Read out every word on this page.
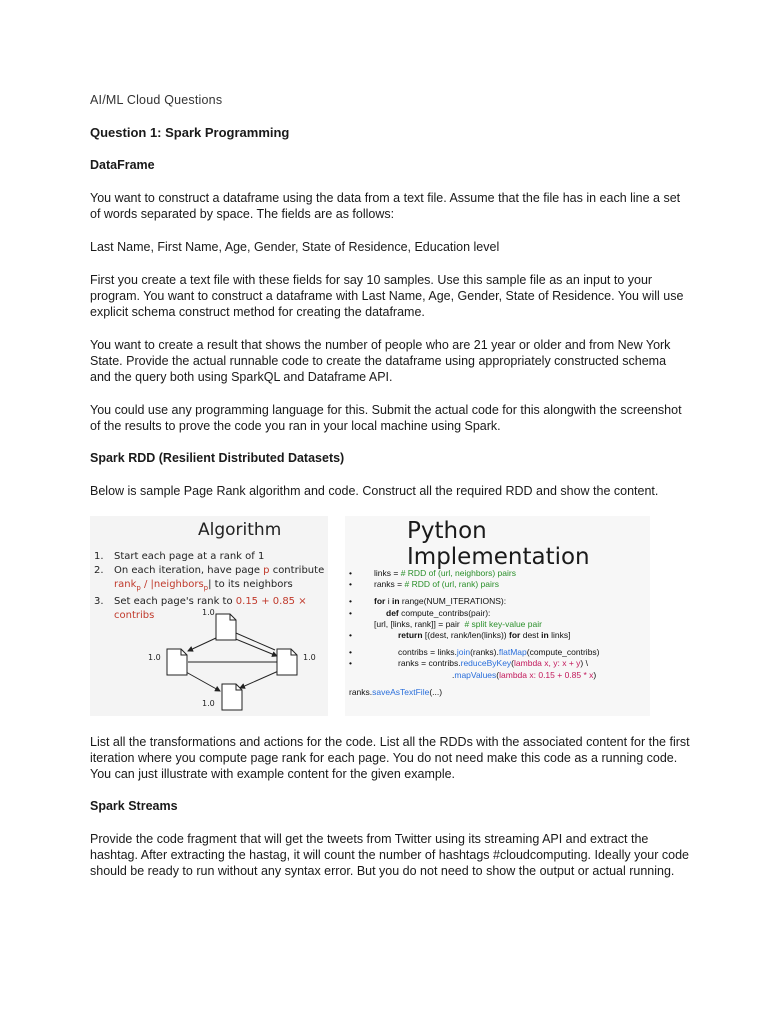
AI/ML Cloud Questions
Question 1: Spark Programming
DataFrame

You want to construct a dataframe using the data from a text file. Assume that the file has in each line a set of words separated by space. The fields are as follows:

Last Name, First Name, Age, Gender, State of Residence, Education level

First you create a text file with these fields for say 10 samples. Use this sample file as an input to your program. You want to construct a dataframe with Last Name, Age, Gender, State of Residence. You will use explicit schema construct method for creating the dataframe.

You want to create a result that shows the number of people who are 21 year or older and from New York State. Provide the actual runnable code to create the dataframe using appropriately constructed schema and the query both using SparkQL and Dataframe API.

You could use any programming language for this. Submit the actual code for this alongwith the screenshot of the results to prove the code you ran in your local machine using Spark.

Spark RDD (Resilient Distributed Datasets)

Below is sample Page Rank algorithm and code. Construct all the required RDD and show the content.

Algorithm
1.	Start each page at a rank of 1
2.	On each iteration, have page p contribute
rank$_p$ / |neighbors$_p$| to its neighbors
3.	Set each page's rank to 0.15 + 0.85 × contribs	1.0
1.0	1.0
1.0
Python Implementation
•	links = # RDD of (url, neighbors) pairs
•	ranks = # RDD of (url, rank) pairs
•	for i in range(NUM_ITERATIONS):
•	def compute_contribs(pair):
[url, [links, rank]] = pair  # split key-value pair
•	return [(dest, rank/len(links)) for dest in links]
•	contribs = links.join(ranks).flatMap(compute_contribs)
•	ranks = contribs.reduceByKey(lambda x, y: x + y) \
.mapValues(lambda x: 0.15 + 0.85 * x)
ranks.saveAsTextFile(...)

List all the transformations and actions for the code. List all the RDDs with the associated content for the first iteration where you compute page rank for each page. You do not need make this code as a running code. You can just illustrate with example content for the given example.

Spark Streams

Provide the code fragment that will get the tweets from Twitter using its streaming API and extract the hashtag. After extracting the hastag, it will count the number of hashtags #cloudcomputing. Ideally your code should be ready to run without any syntax error. But you do not need to show the output or actual running.
